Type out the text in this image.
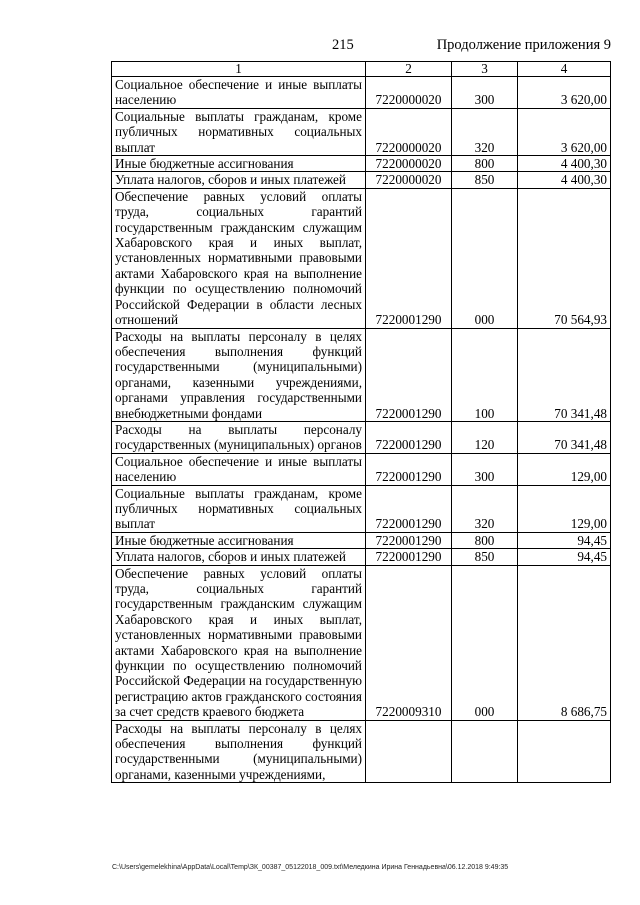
215	Продолжение приложения 9
1	2	3	4
Социальное обеспечение и иные выплаты населению	7220000020	300	3 620,00
Социальные выплаты гражданам, кроме публичных нормативных социальных выплат	7220000020	320	3 620,00
Иные бюджетные ассигнования	7220000020	800	4 400,30
Уплата налогов, сборов и иных платежей	7220000020	850	4 400,30
Обеспечение равных условий оплаты труда, социальных гарантий государственным гражданским служащим Хабаровского края и иных выплат, установленных нормативными правовыми актами Хабаровского края на выполнение функции по осуществлению полномочий Российской Федерации в области лесных отношений	7220001290	000	70 564,93
Расходы на выплаты персоналу в целях обеспечения выполнения функций государственными (муниципальными) органами, казенными учреждениями, органами управления государственными внебюджетными фондами	7220001290	100	70 341,48
Расходы на выплаты персоналу государственных (муниципальных) органов	7220001290	120	70 341,48
Социальное обеспечение и иные выплаты населению	7220001290	300	129,00
Социальные выплаты гражданам, кроме публичных нормативных социальных выплат	7220001290	320	129,00
Иные бюджетные ассигнования	7220001290	800	94,45
Уплата налогов, сборов и иных платежей	7220001290	850	94,45
Обеспечение равных условий оплаты труда, социальных гарантий государственным гражданским служащим Хабаровского края и иных выплат, установленных нормативными правовыми актами Хабаровского края на выполнение функции по осуществлению полномочий Российской Федерации на государственную регистрацию актов гражданского состояния за счет средств краевого бюджета	7220009310	000	8 686,75
Расходы на выплаты персоналу в целях обеспечения выполнения функций государственными (муниципальными) органами, казенными учреждениями,			
C:\Users\gemelekhina\AppData\Local\Temp\ЗК_00387_05122018_009.txt\Меледкина Ирина Геннадьевна\06.12.2018 9:49:35
